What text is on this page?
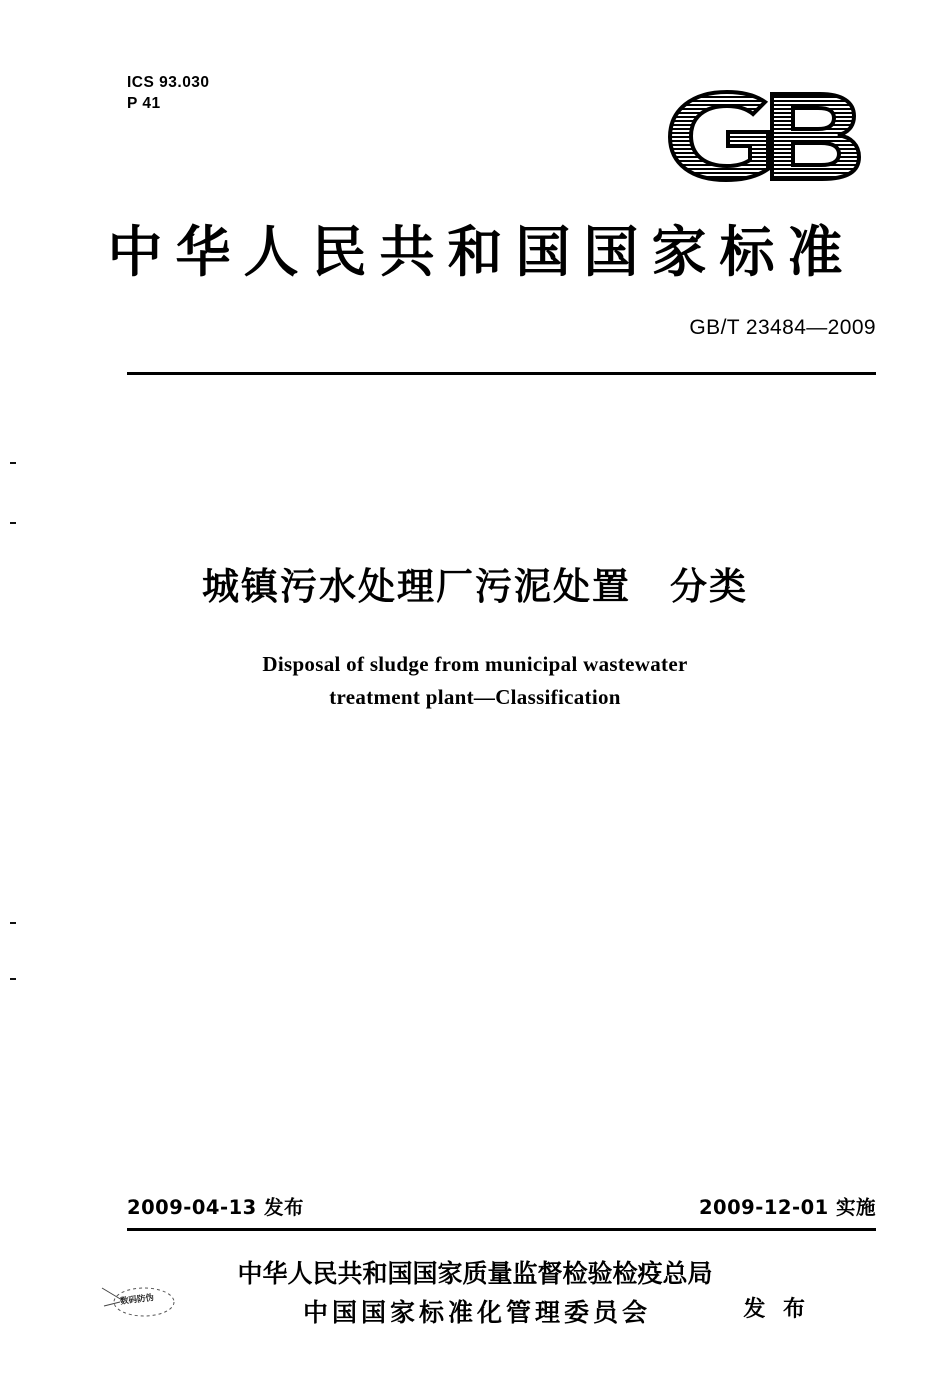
ICS 93.030
P 41
中华人民共和国国家标准
GB/T 23484—2009
城镇污水处理厂污泥处置　分类
Disposal of sludge from municipal wastewater
treatment plant—Classification
2009-04-13 发布	2009-12-01 实施
中华人民共和国国家质量监督检验检疫总局
中国国家标准化管理委员会	发 布
数码防伪
